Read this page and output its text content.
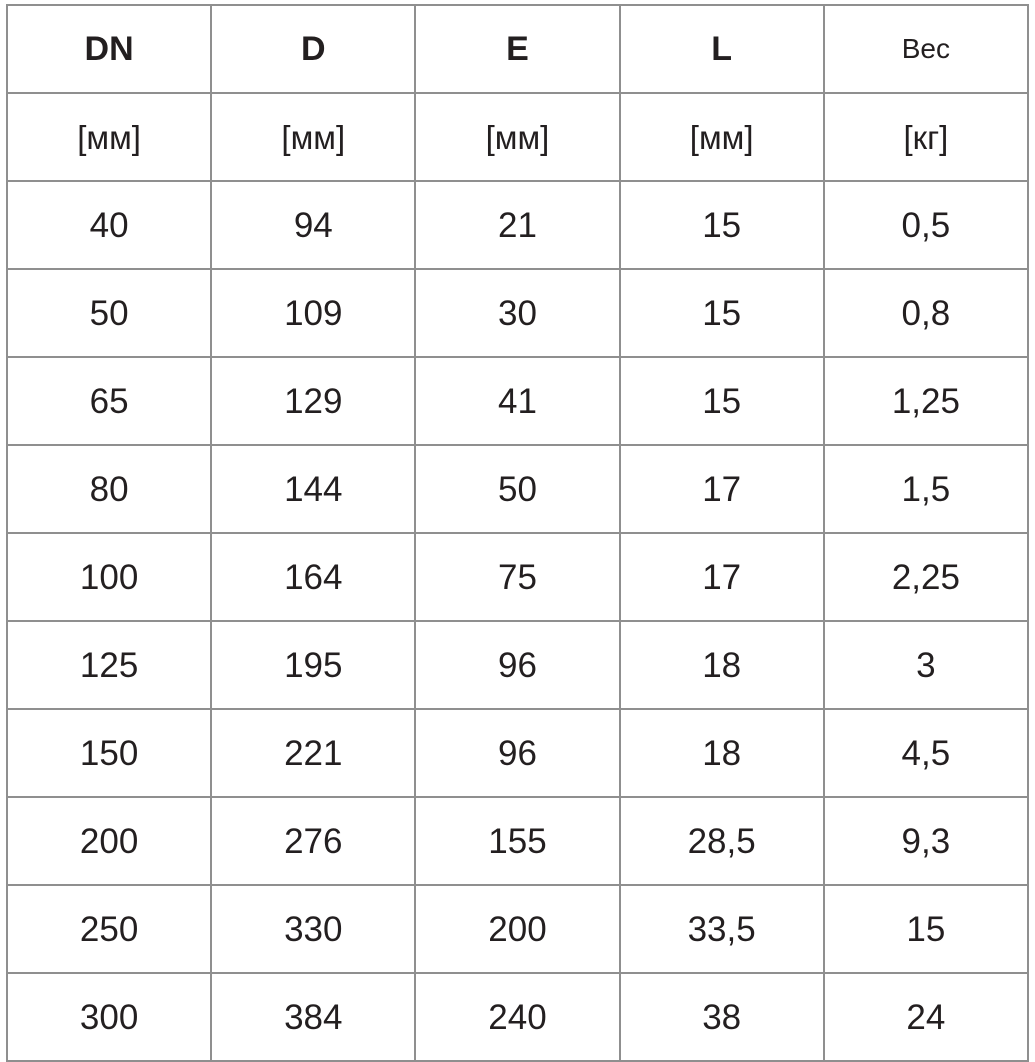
DN	D	E	L	Вес
[мм]	[мм]	[мм]	[мм]	[кг]
40	94	21	15	0,5
50	109	30	15	0,8
65	129	41	15	1,25
80	144	50	17	1,5
100	164	75	17	2,25
125	195	96	18	3
150	221	96	18	4,5
200	276	155	28,5	9,3
250	330	200	33,5	15
300	384	240	38	24
